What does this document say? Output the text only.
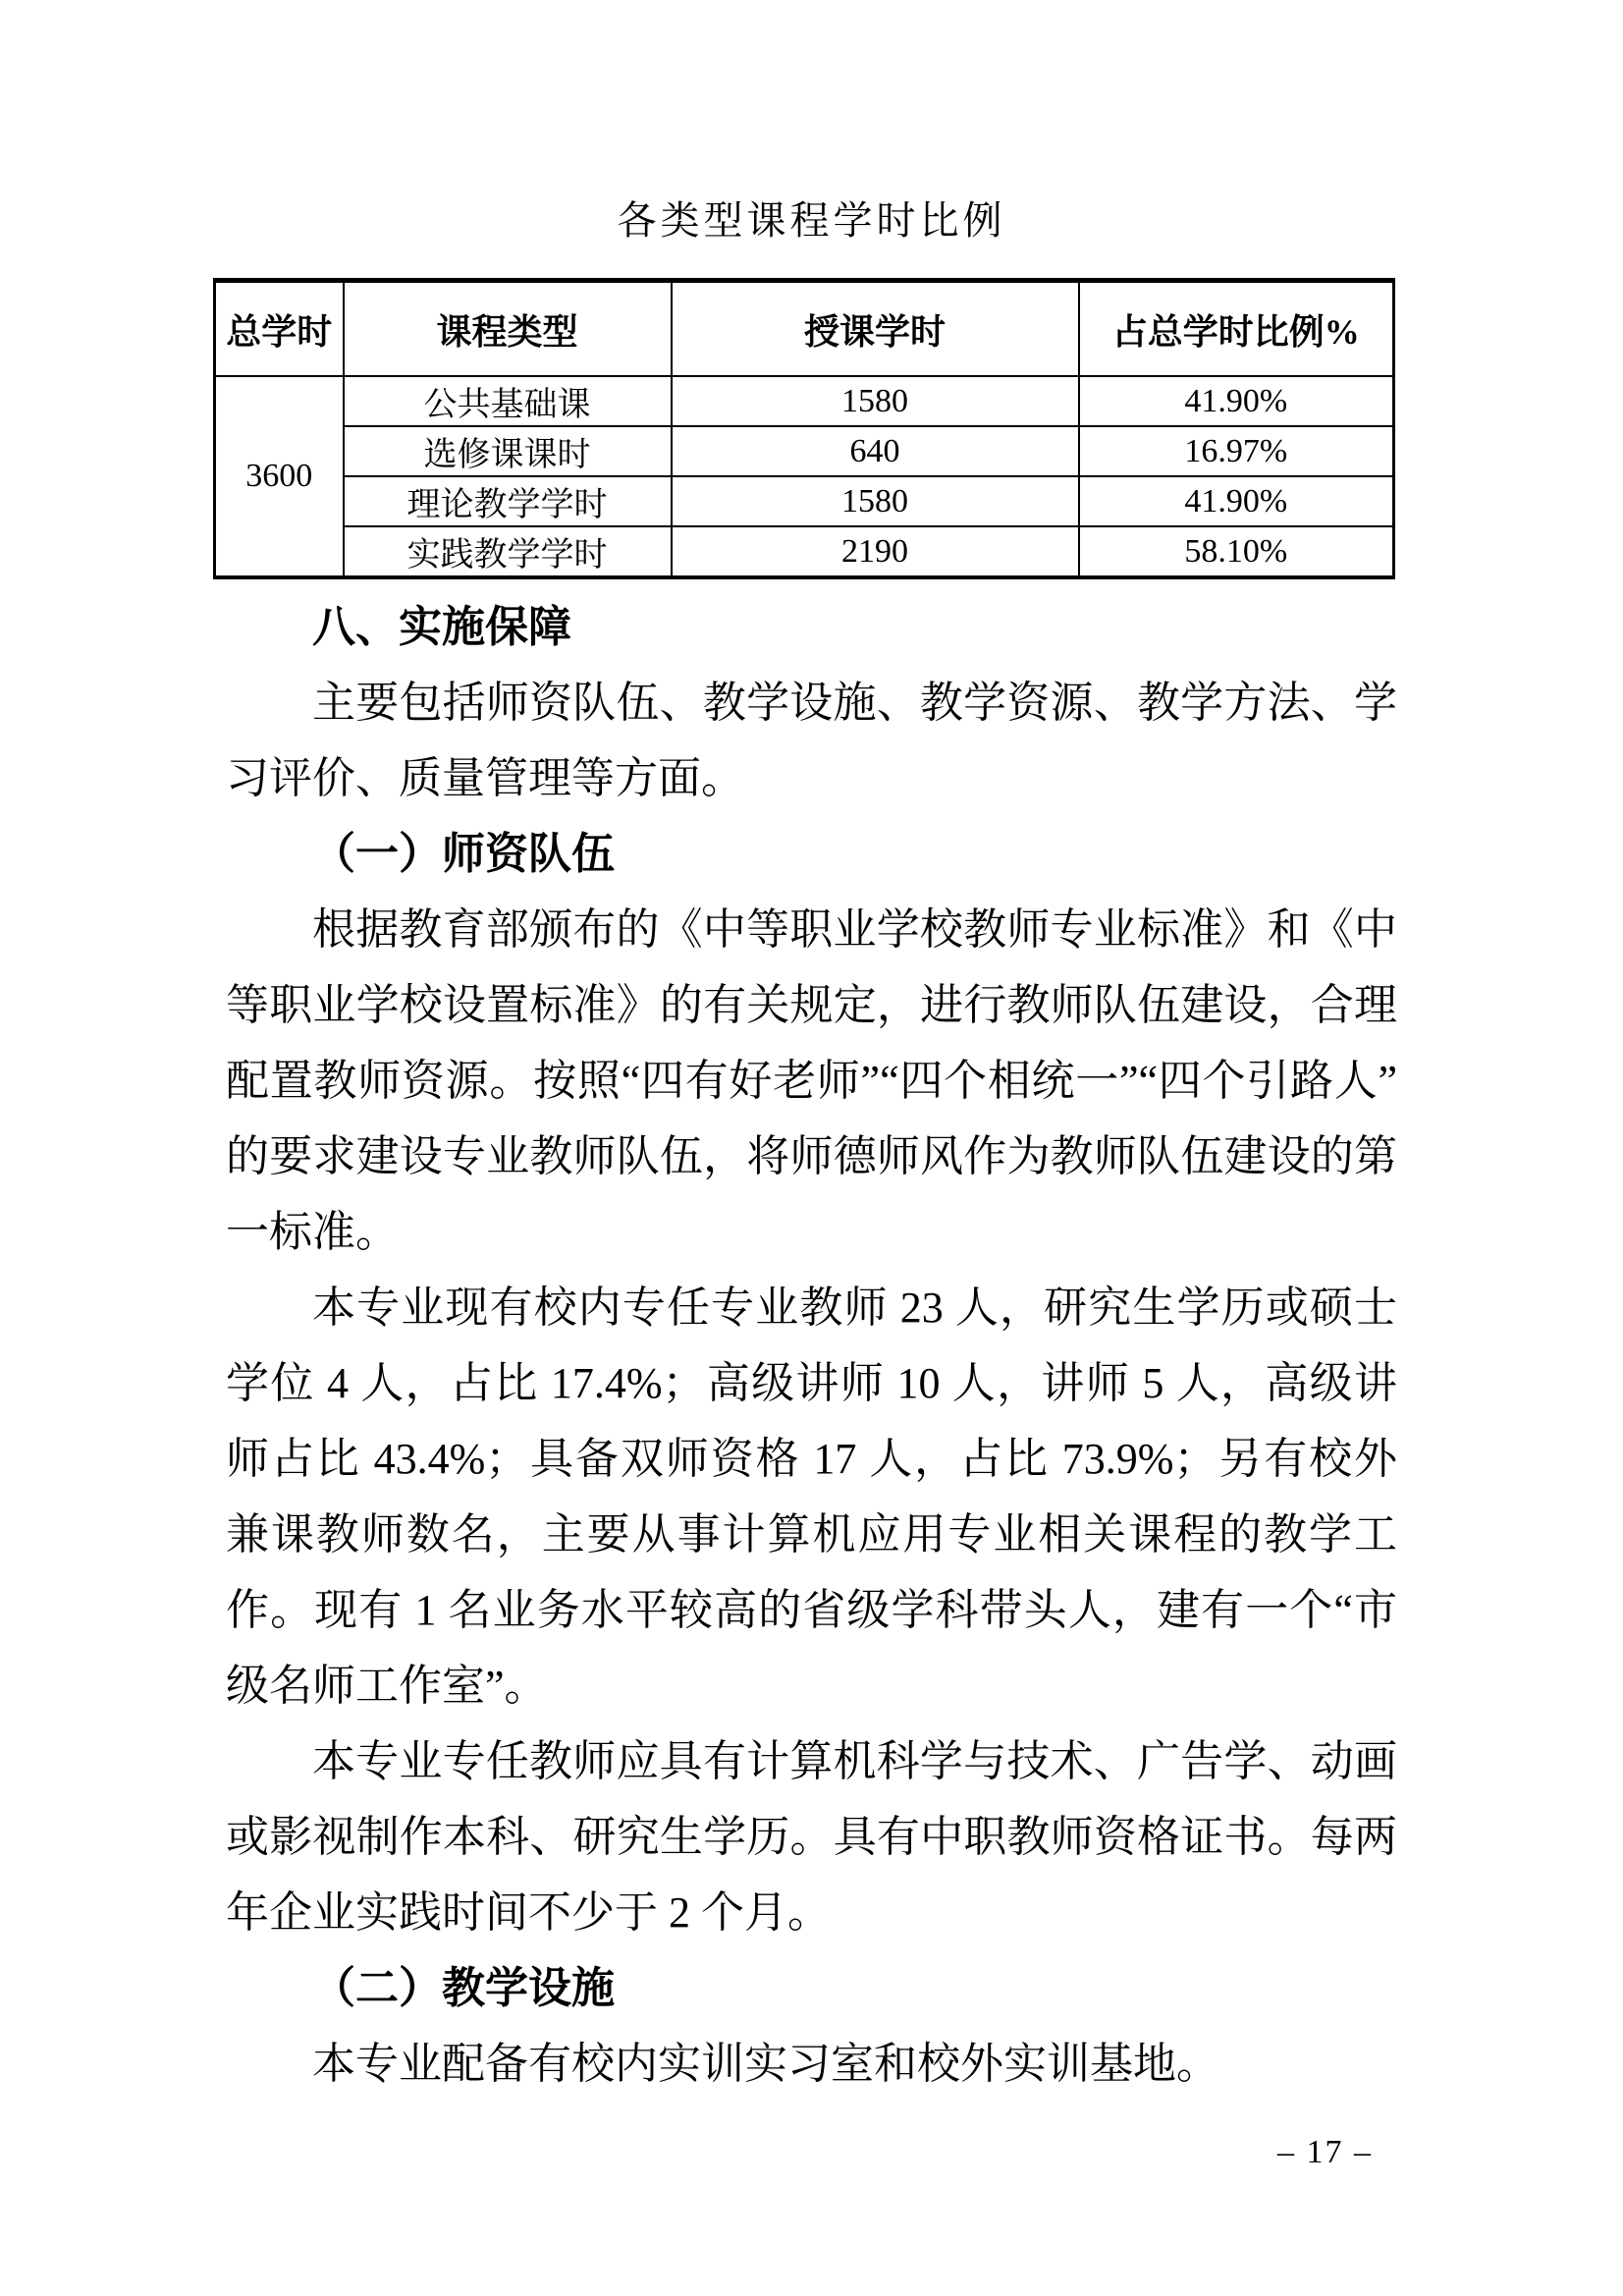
各类型课程学时比例
总学时	课程类型	授课学时	占总学时比例%
3600	公共基础课	1580	41.90%
	选修课课时	640	16.97%
	理论教学学时	1580	41.90%
	实践教学学时	2190	58.10%
八、实施保障

主要包括师资队伍、教学设施、教学资源、教学方法、学习评价、质量管理等方面。

（一）师资队伍

根据教育部颁布的《中等职业学校教师专业标准》和《中等职业学校设置标准》的有关规定，进行教师队伍建设，合理配置教师资源。按照“四有好老师”“四个相统一”“四个引路人”的要求建设专业教师队伍，将师德师风作为教师队伍建设的第一标准。

本专业现有校内专任专业教师 23 人，研究生学历或硕士学位 4 人，占比 17.4%；高级讲师 10 人，讲师 5 人，高级讲师占比 43.4%；具备双师资格 17 人，占比 73.9%；另有校外兼课教师数名，主要从事计算机应用专业相关课程的教学工作。现有 1 名业务水平较高的省级学科带头人，建有一个“市级名师工作室”。

本专业专任教师应具有计算机科学与技术、广告学、动画或影视制作本科、研究生学历。具有中职教师资格证书。每两年企业实践时间不少于 2 个月。

（二）教学设施

本专业配备有校内实训实习室和校外实训基地。

– 17 –
